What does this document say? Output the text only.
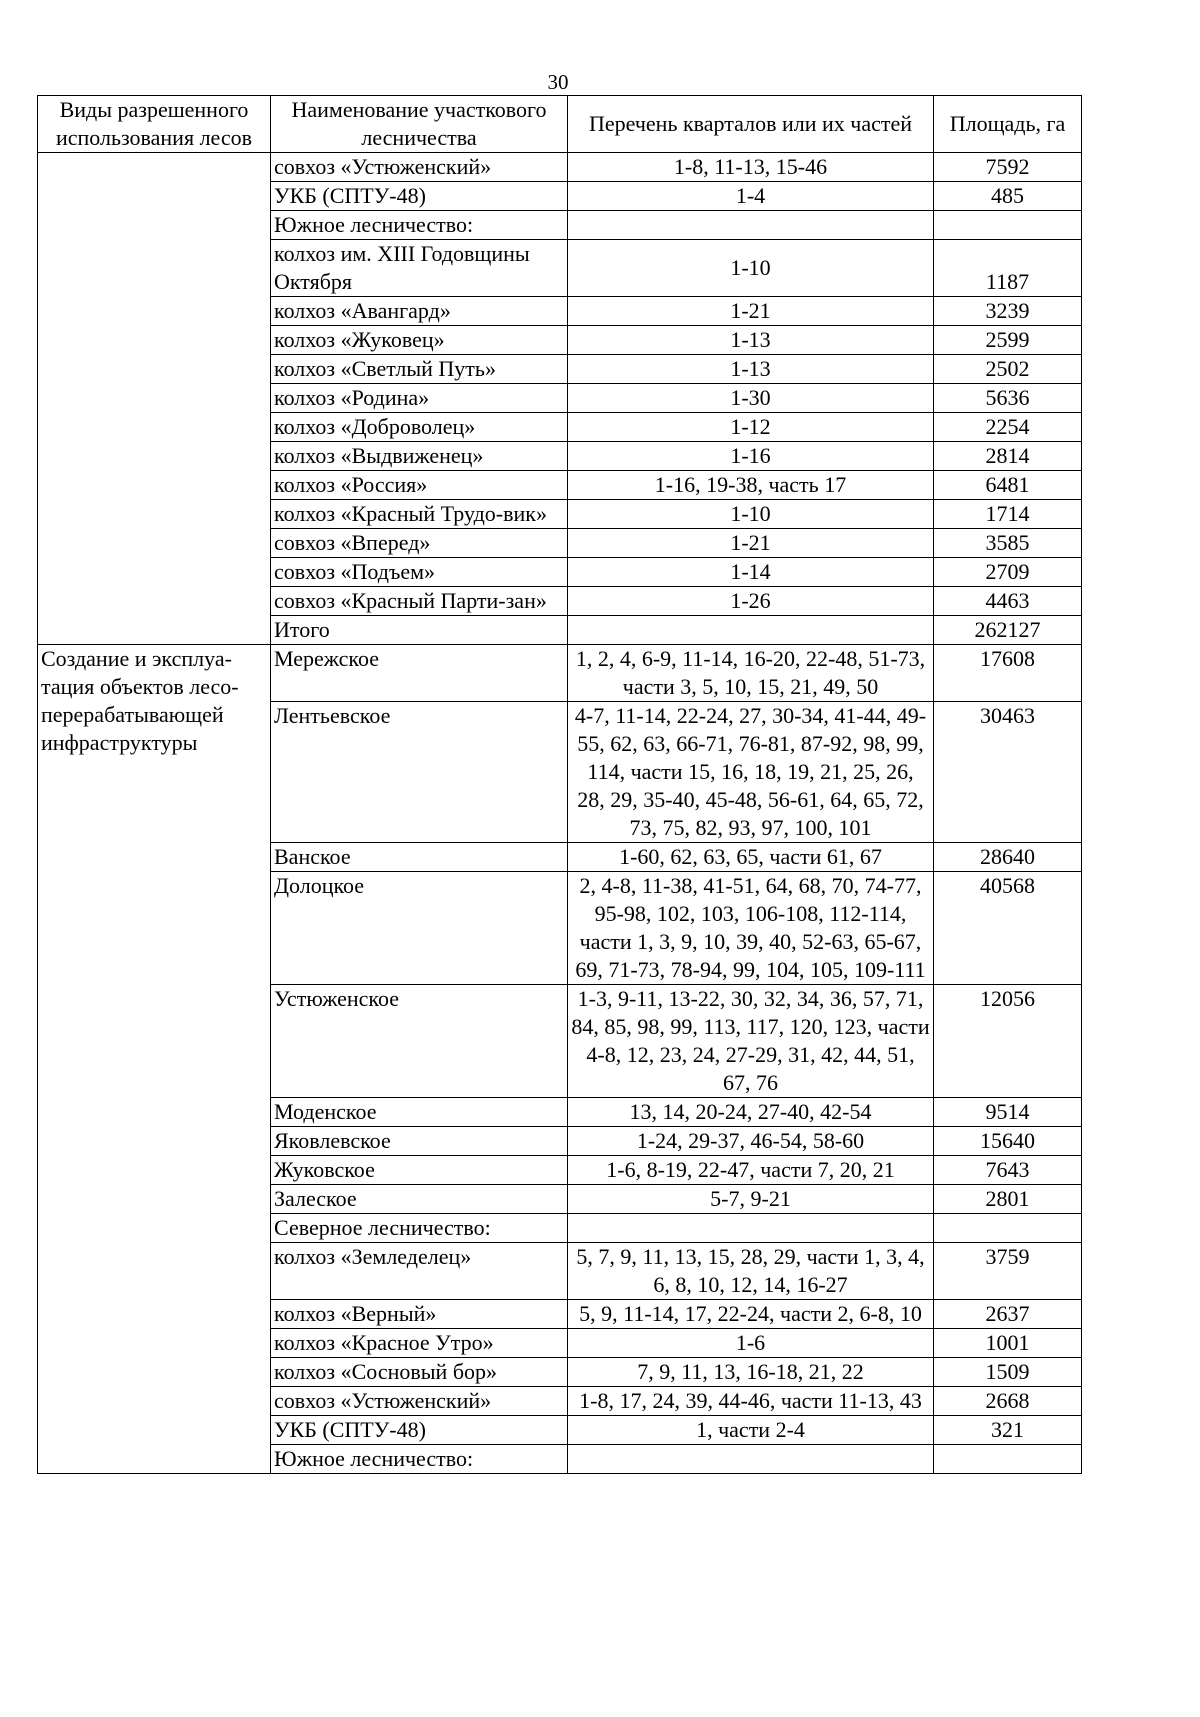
30
Виды разрешенного использования лесов	Наименование участкового лесничества	Перечень кварталов или их частей	Площадь, га
	совхоз «Устюженский»	1-8, 11-13, 15-46	7592
	УКБ (СПТУ-48)	1-4	485
	Южное лесничество:		
	колхоз им. XIII Годовщины Октября	1-10	1187
	колхоз «Авангард»	1-21	3239
	колхоз «Жуковец»	1-13	2599
	колхоз «Светлый Путь»	1-13	2502
	колхоз «Родина»	1-30	5636
	колхоз «Доброволец»	1-12	2254
	колхоз «Выдвиженец»	1-16	2814
	колхоз «Россия»	1-16, 19-38, часть 17	6481
	колхоз «Красный Трудо-вик»	1-10	1714
	совхоз «Вперед»	1-21	3585
	совхоз «Подъем»	1-14	2709
	совхоз «Красный Парти-зан»	1-26	4463
	Итого		262127
Создание и эксплуа-тация объектов лесо-перерабатывающей инфраструктуры	Мережское	1, 2, 4, 6-9, 11-14, 16-20, 22-48, 51-73, части 3, 5, 10, 15, 21, 49, 50	17608
	Лентьевское	4-7, 11-14, 22-24, 27, 30-34, 41-44, 49-55, 62, 63, 66-71, 76-81, 87-92, 98, 99, 114, части 15, 16, 18, 19, 21, 25, 26, 28, 29, 35-40, 45-48, 56-61, 64, 65, 72, 73, 75, 82, 93, 97, 100, 101	30463
	Ванское	1-60, 62, 63, 65, части 61, 67	28640
	Долоцкое	2, 4-8, 11-38, 41-51, 64, 68, 70, 74-77, 95-98, 102, 103, 106-108, 112-114, части 1, 3, 9, 10, 39, 40, 52-63, 65-67, 69, 71-73, 78-94, 99, 104, 105, 109-111	40568
	Устюженское	1-3, 9-11, 13-22, 30, 32, 34, 36, 57, 71, 84, 85, 98, 99, 113, 117, 120, 123, части 4-8, 12, 23, 24, 27-29, 31, 42, 44, 51, 67, 76	12056
	Моденское	13, 14, 20-24, 27-40, 42-54	9514
	Яковлевское	1-24, 29-37, 46-54, 58-60	15640
	Жуковское	1-6, 8-19, 22-47, части 7, 20, 21	7643
	Залеское	5-7, 9-21	2801
	Северное лесничество:		
	колхоз «Земледелец»	5, 7, 9, 11, 13, 15, 28, 29, части 1, 3, 4, 6, 8, 10, 12, 14, 16-27	3759
	колхоз «Верный»	5, 9, 11-14, 17, 22-24, части 2, 6-8, 10	2637
	колхоз «Красное Утро»	1-6	1001
	колхоз «Сосновый бор»	7, 9, 11, 13, 16-18, 21, 22	1509
	совхоз «Устюженский»	1-8, 17, 24, 39, 44-46, части 11-13, 43	2668
	УКБ (СПТУ-48)	1, части 2-4	321
	Южное лесничество:		
